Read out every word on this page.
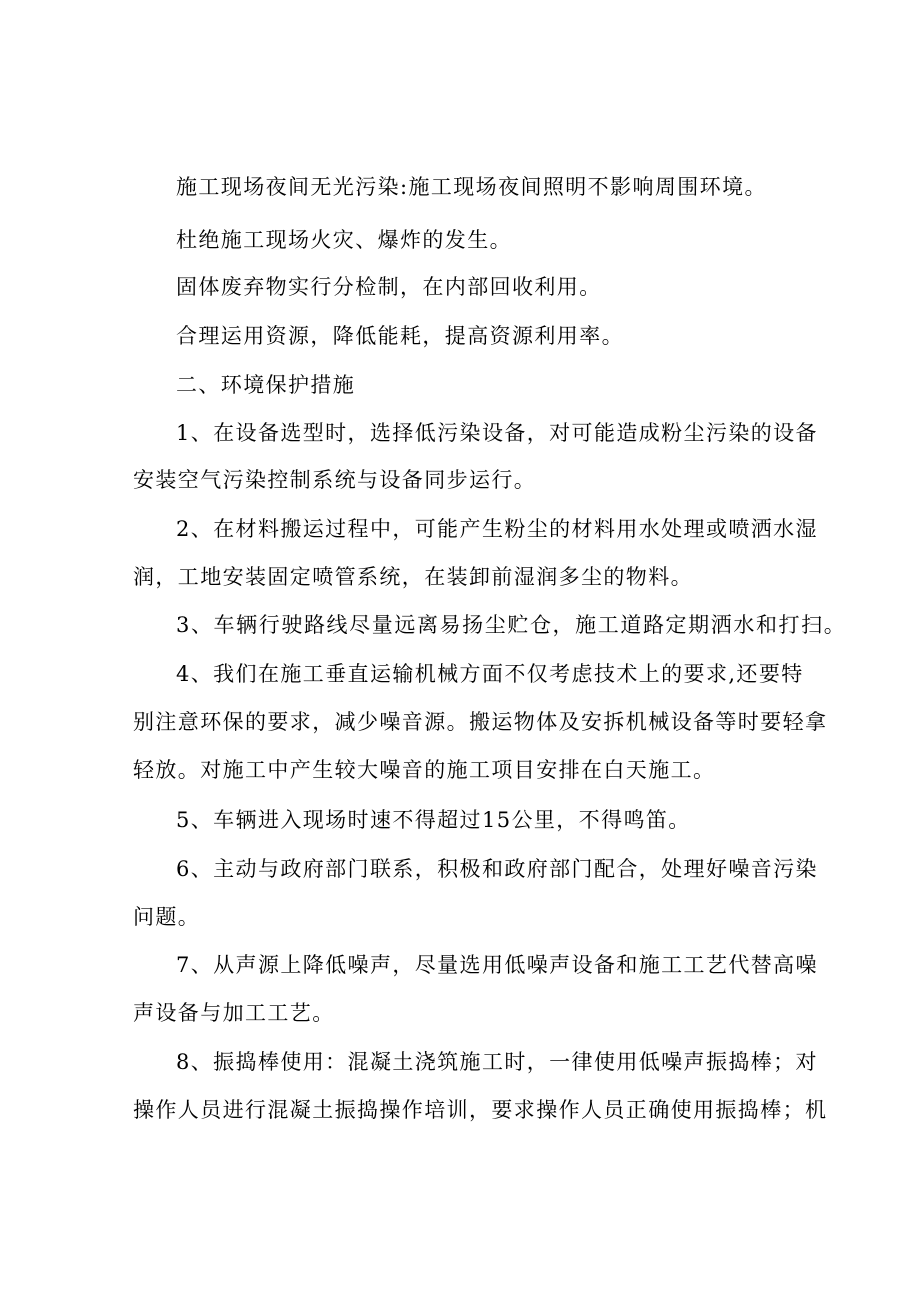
施工现场夜间无光污染:施工现场夜间照明不影响周围环境。
杜绝施工现场火灾、爆炸的发生。
固体废弃物实行分检制，在内部回收利用。
合理运用资源，降低能耗，提高资源利用率。
二、环境保护措施
1、在设备选型时，选择低污染设备，对可能造成粉尘污染的设备
安装空气污染控制系统与设备同步运行。
2、在材料搬运过程中，可能产生粉尘的材料用水处理或喷洒水湿
润，工地安装固定喷管系统，在装卸前湿润多尘的物料。
3、车辆行驶路线尽量远离易扬尘贮仓，施工道路定期洒水和打扫。
4、我们在施工垂直运输机械方面不仅考虑技术上的要求,还要特
别注意环保的要求，减少噪音源。搬运物体及安拆机械设备等时要轻拿
轻放。对施工中产生较大噪音的施工项目安排在白天施工。
5、车辆进入现场时速不得超过15公里，不得鸣笛。
6、主动与政府部门联系，积极和政府部门配合，处理好噪音污染
问题。
7、从声源上降低噪声，尽量选用低噪声设备和施工工艺代替高噪
声设备与加工工艺。
8、振捣棒使用：混凝土浇筑施工时，一律使用低噪声振捣棒；对
操作人员进行混凝土振捣操作培训，要求操作人员正确使用振捣棒；机
